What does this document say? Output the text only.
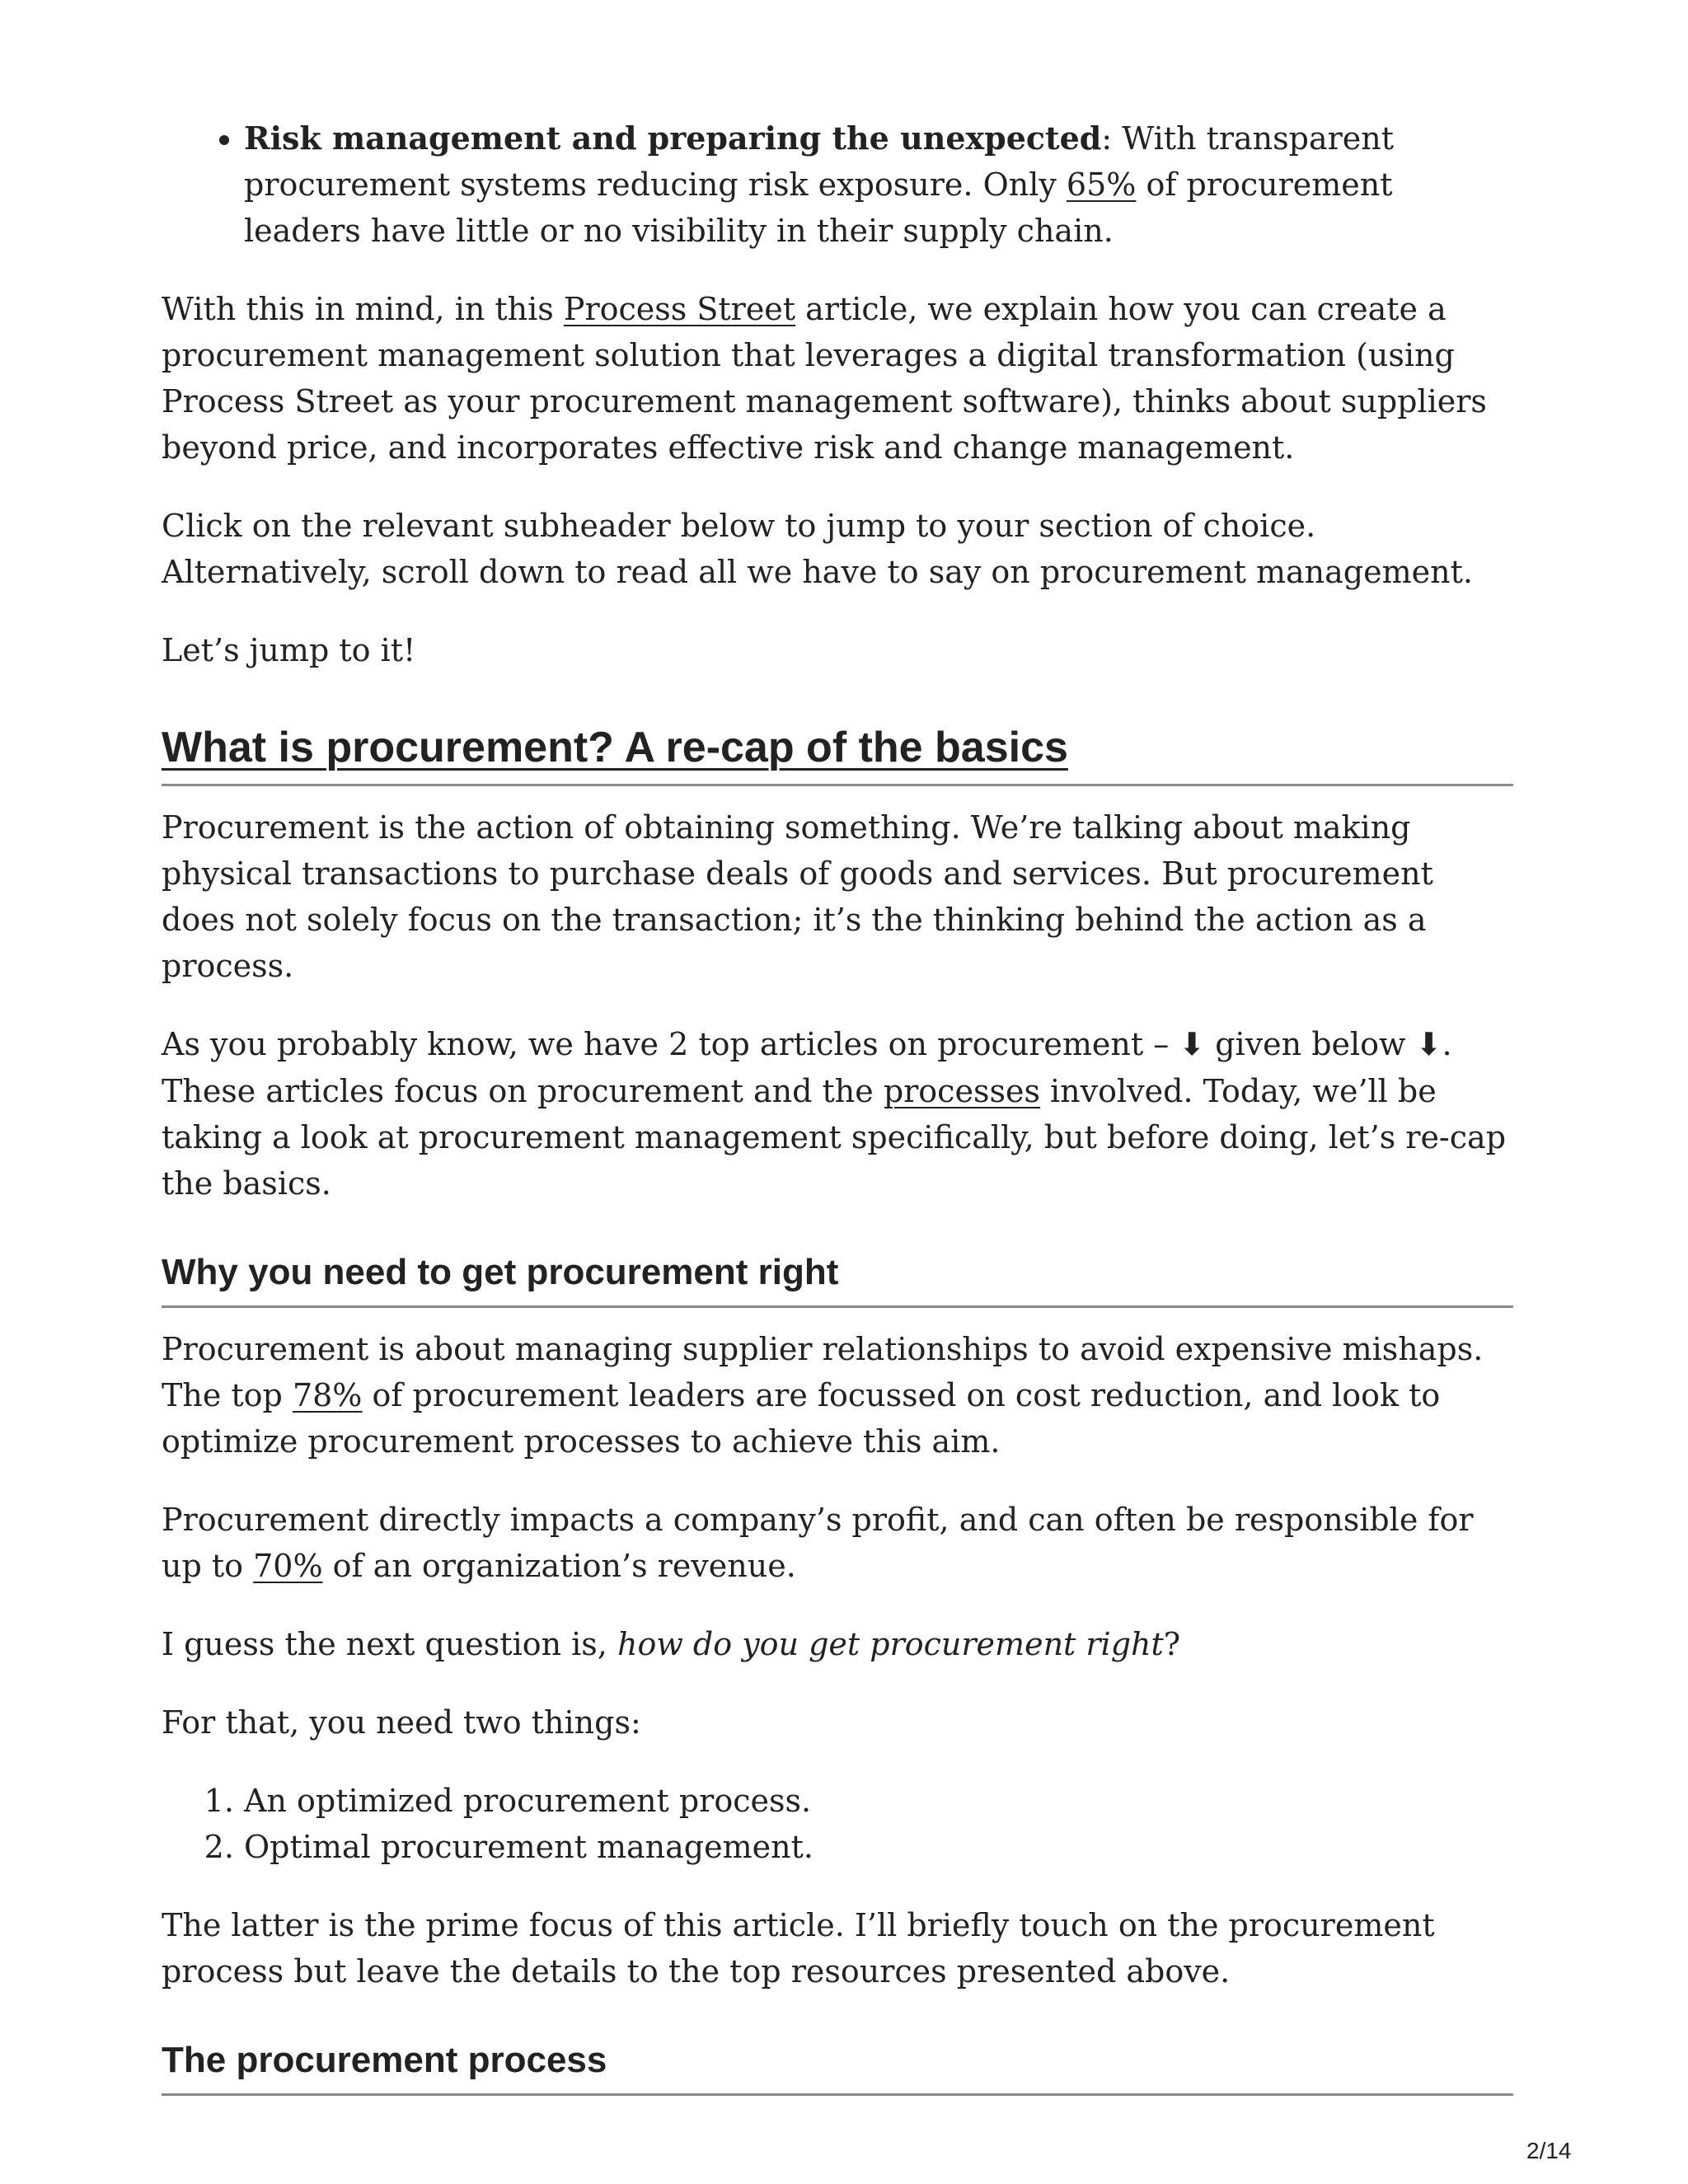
• Risk management and preparing the unexpected: With transparent procurement systems reducing risk exposure. Only 65% of procurement leaders have little or no visibility in their supply chain.

With this in mind, in this Process Street article, we explain how you can create a procurement management solution that leverages a digital transformation (using Process Street as your procurement management software), thinks about suppliers beyond price, and incorporates effective risk and change management.

Click on the relevant subheader below to jump to your section of choice. Alternatively, scroll down to read all we have to say on procurement management.

Let’s jump to it!

What is procurement? A re-cap of the basics

Procurement is the action of obtaining something. We’re talking about making physical transactions to purchase deals of goods and services. But procurement does not solely focus on the transaction; it’s the thinking behind the action as a process.

As you probably know, we have 2 top articles on procurement – ⬇ given below ⬇. These articles focus on procurement and the processes involved. Today, we’ll be taking a look at procurement management specifically, but before doing, let’s re-cap the basics.

Why you need to get procurement right

Procurement is about managing supplier relationships to avoid expensive mishaps. The top 78% of procurement leaders are focussed on cost reduction, and look to optimize procurement processes to achieve this aim.

Procurement directly impacts a company’s profit, and can often be responsible for up to 70% of an organization’s revenue.

I guess the next question is, how do you get procurement right?

For that, you need two things:

1. An optimized procurement process.
2. Optimal procurement management.

The latter is the prime focus of this article. I’ll briefly touch on the procurement process but leave the details to the top resources presented above.

The procurement process
2/14
